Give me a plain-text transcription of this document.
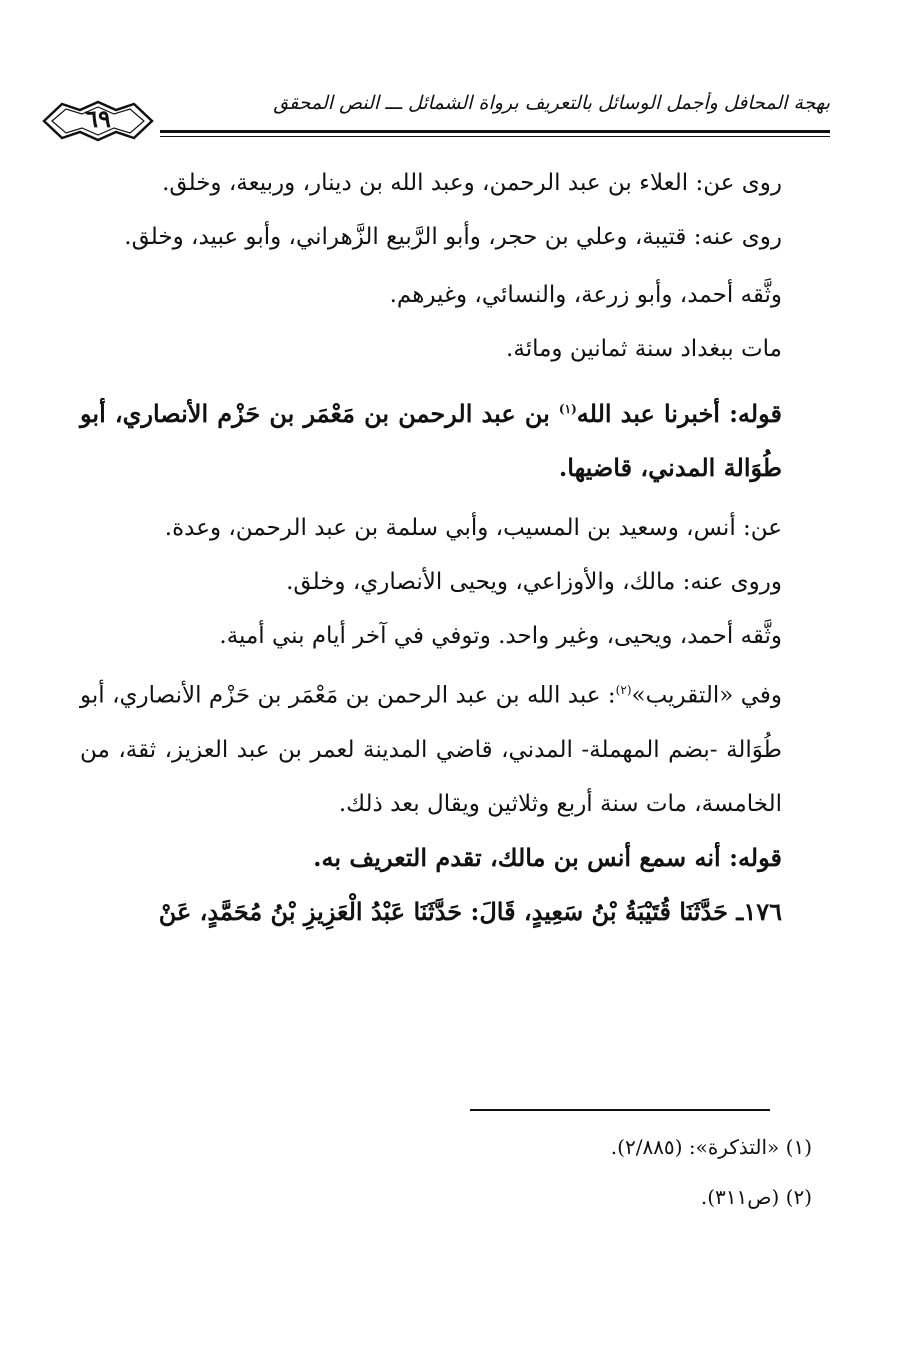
٦٩
بهجة المحافل وأجمل الوسائل بالتعريف برواة الشمائل ـــ النص المحقق

روى عن: العلاء بن عبد الرحمن، وعبد الله بن دينار، وربيعة، وخلق.

روى عنه: قتيبة، وعلي بن حجر، وأبو الرَّبيع الزَّهراني، وأبو عبيد، وخلق.

وثَّقه أحمد، وأبو زرعة، والنسائي، وغيرهم.

مات ببغداد سنة ثمانين ومائة.

قوله: أخبرنا عبد الله$^{(١)}$ بن عبد الرحمن بن مَعْمَر بن حَزْم الأنصاري، أبو طُوَالة المدني، قاضيها.

عن: أنس، وسعيد بن المسيب، وأبي سلمة بن عبد الرحمن، وعدة.

وروى عنه: مالك، والأوزاعي، ويحيى الأنصاري، وخلق.

وثَّقه أحمد، ويحيى، وغير واحد. وتوفي في آخر أيام بني أمية.

وفي «التقريب»$^{(٢)}$: عبد الله بن عبد الرحمن بن مَعْمَر بن حَزْم الأنصاري، أبو طُوَالة -بضم المهملة- المدني، قاضي المدينة لعمر بن عبد العزيز، ثقة، من الخامسة، مات سنة أربع وثلاثين ويقال بعد ذلك.

قوله: أنه سمع أنس بن مالك، تقدم التعريف به.

١٧٦ـ حَدَّثَنَا قُتَيْبَةُ بْنُ سَعِيدٍ، قَالَ: حَدَّثَنَا عَبْدُ الْعَزِيزِ بْنُ مُحَمَّدٍ، عَنْ

(١) «التذكرة»: (٢/٨٨٥).

(٢) (ص٣١١).
